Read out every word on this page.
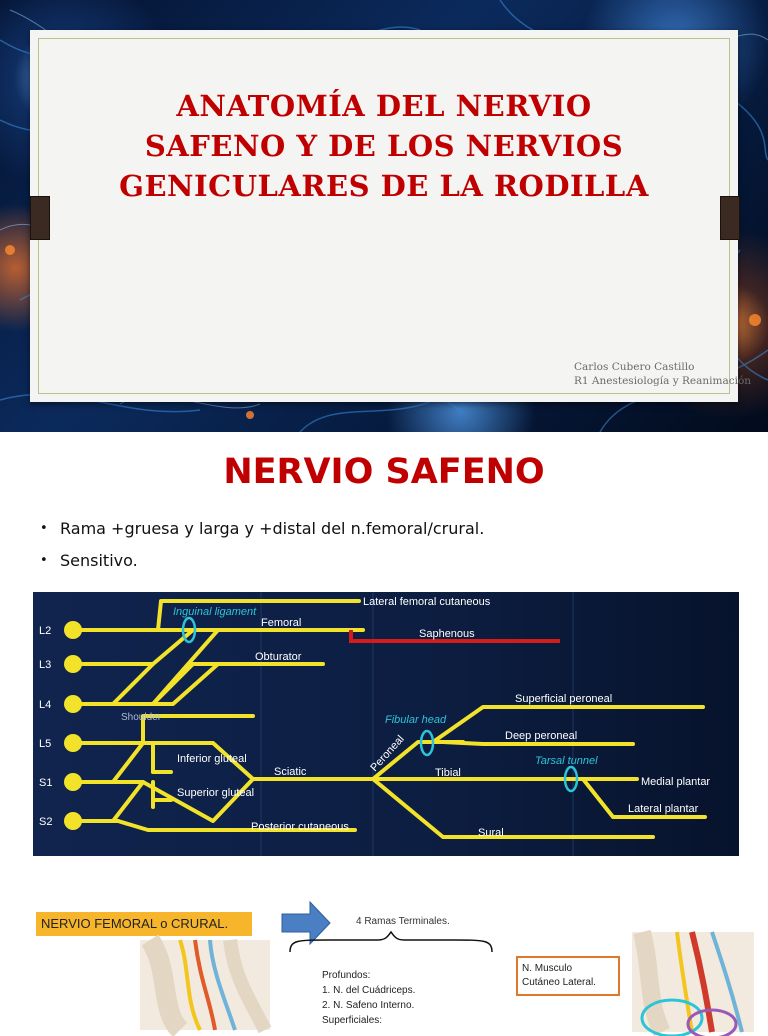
ANATOMÍA DEL NERVIO
SAFENO Y DE LOS NERVIOS
GENICULARES DE LA RODILLA
Carlos Cubero Castillo
R1 Anestesiología y Reanimación
NERVIO SAFENO
• Rama +gruesa y larga y +distal del n.femoral/crural.
• Sensitivo.
L2
L3
L4
L5
S1
S2
Lateral femoral cutaneous
Inguinal ligament
Femoral
Saphenous
Obturator
Shoulder
Superficial peroneal
Fibular head
Deep peroneal
Peroneal	Tarsal tunnel
Tibial
Medial plantar
Inferior gluteal
Superior gluteal
Sciatic
Lateral plantar
Posterior cutaneous	Sural
NERVIO FEMORAL o CRURAL.	4 Ramas Terminales.
Profundos:
1. N. del Cuádriceps.
2. N. Safeno Interno.
Superficiales:
N. Musculo
Cutáneo Lateral.
